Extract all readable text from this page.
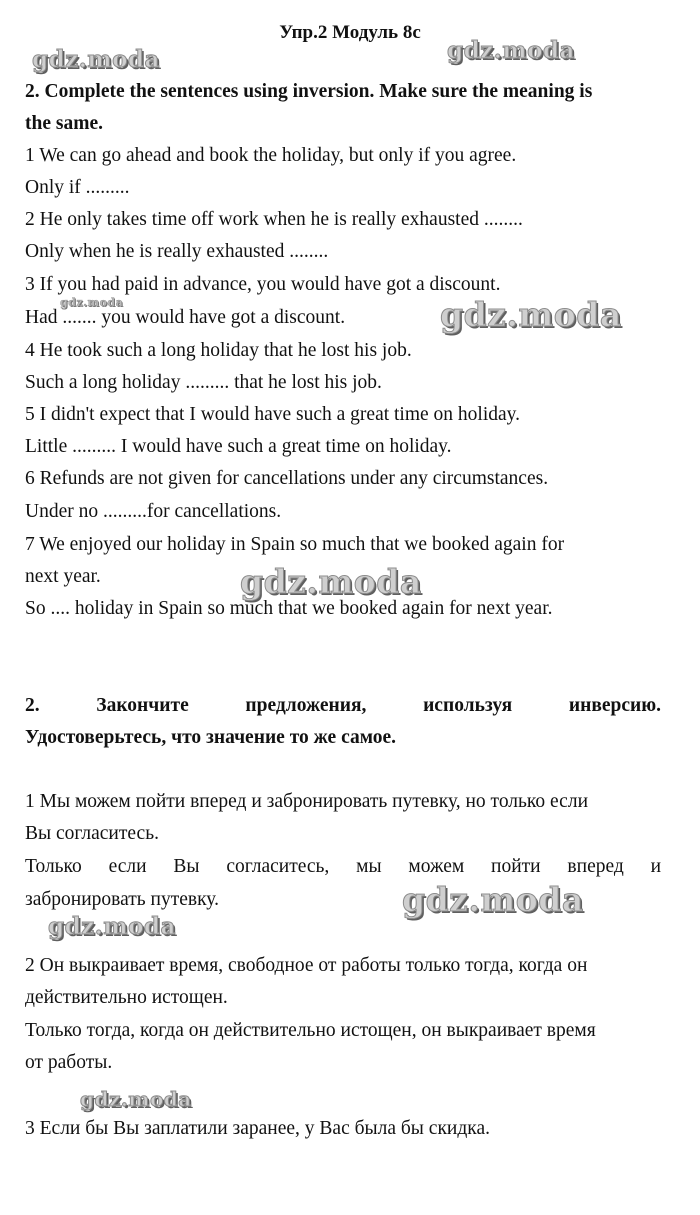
Упр.2 Модуль 8с
2. Complete the sentences using inversion. Make sure the meaning is
the same.
1 We can go ahead and book the holiday, but only if you agree.
Only if .........
2 He only takes time off work when he is really exhausted ........
Only when he is really exhausted ........
3 If you had paid in advance, you would have got a discount.
Had ....... you would have got a discount.
4 He took such a long holiday that he lost his job.
Such a long holiday ......... that he lost his job.
5 I didn't expect that I would have such a great time on holiday.
Little ......... I would have such a great time on holiday.
6 Refunds are not given for cancellations under any circumstances.
Under no .........for cancellations.
7 We enjoyed our holiday in Spain so much that we booked again for
next year.
So .... holiday in Spain so much that we booked again for next year.
2.	Закончите	предложения,	используя	инверсию.
Удостоверьтесь, что значение то же самое.
1 Мы можем пойти вперед и забронировать путевку, но только если
Вы согласитесь.
Только если Вы согласитесь, мы можем пойти вперед и
забронировать путевку.
2 Он выкраивает время, свободное от работы только тогда, когда он
действительно истощен.
Только тогда, когда он действительно истощен, он выкраивает время
от работы.
3 Если бы Вы заплатили заранее, у Вас была бы скидка.
gdz.moda	gdz.moda
gdz.moda	gdz.moda
gdz.moda
gdz.moda
gdz.moda
gdz.moda
